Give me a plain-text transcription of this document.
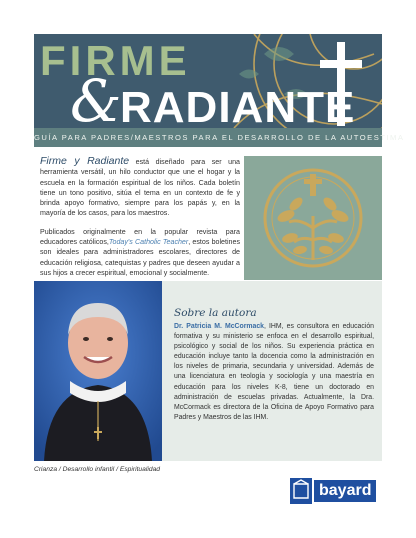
FIRME
&
RADIANTE
GUÍA PARA PADRES/MAESTROS PARA EL DESARROLLO DE LA AUTOESTIMA

Firme y Radiante está diseñado para ser una herramienta versátil, un hilo conductor que une el hogar y la escuela en la formación espiritual de los niños. Cada boletín tiene un tono positivo, sitúa el tema en un contexto de fe y brinda apoyo formativo, siempre para los papás y, en la mayoría de los casos, para los maestros.

Publicados originalmente en la popular revista para educadores católicos,Today's Catholic Teacher, estos boletines son ideales para administradores escolares, directores de educación religiosa, catequistas y padres que deseen ayudar a sus hijos a crecer espiritual, emocional y socialmente.

Sobre la autora
Dr. Patricia M. McCormack, IHM, es consultora en educación formativa y su ministerio se enfoca en el desarrollo espiritual, psicológico y social de los niños. Su experiencia práctica en educación incluye tanto la docencia como la administración en los niveles de primaria, secundaria y universidad. Además de una licenciatura en teología y sociología y una maestría en educación para los niveles K-8, tiene un doctorado en administración de escuelas privadas. Actualmente, la Dra. McCormack es directora de la Oficina de Apoyo Formativo para Padres y Maestros de las IHM.
Crianza / Desarrollo infantil / Espiritualidad
bayard
